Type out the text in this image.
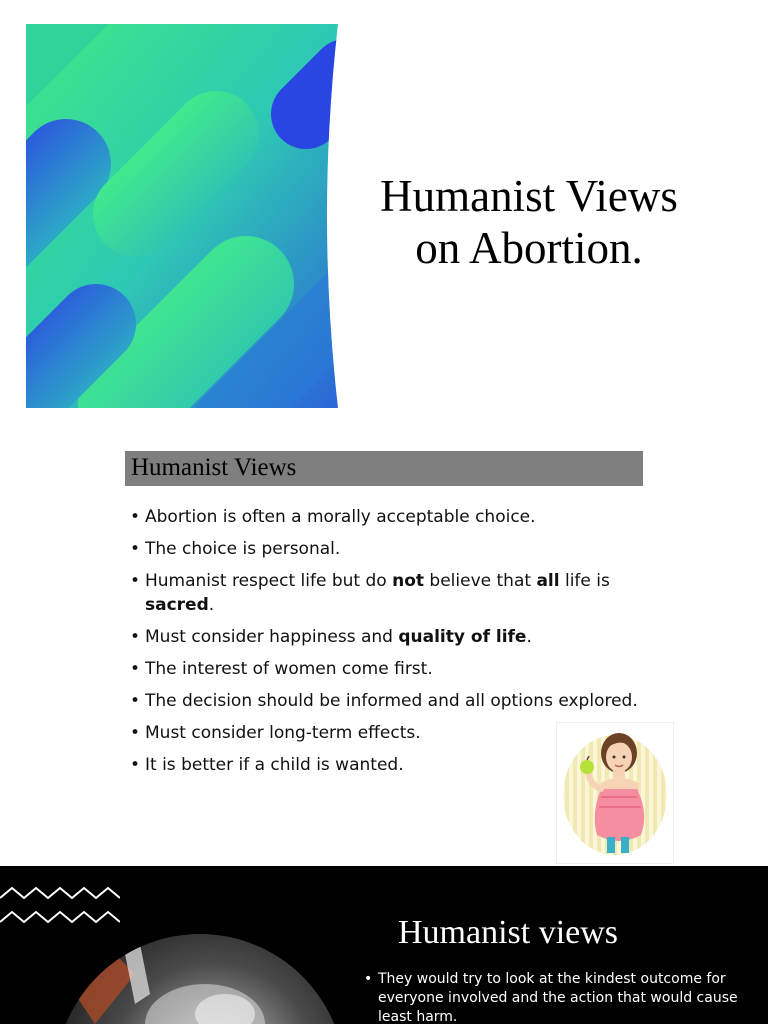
Humanist Views
on Abortion.
Humanist Views
• Abortion is often a morally acceptable choice.
• The choice is personal.
• Humanist respect life but do not believe that all life is sacred.
• Must consider happiness and quality of life.
• The interest of women come first.
• The decision should be informed and all options explored.
• Must consider long-term effects.
• It is better if a child is wanted.
Humanist views
• They would try to look at the kindest outcome for everyone involved and the action that would cause least harm.
